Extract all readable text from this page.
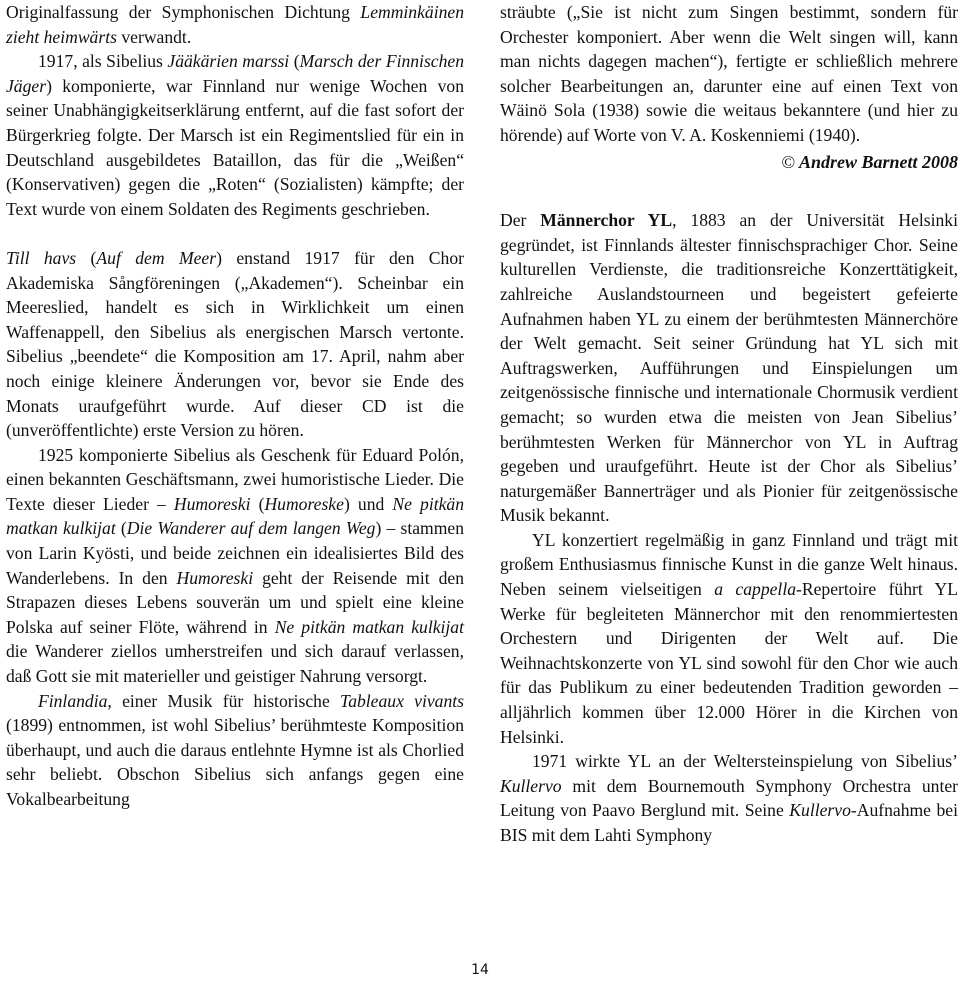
Originalfassung der Symphonischen Dichtung Lemminkäinen zieht heimwärts verwandt.

1917, als Sibelius Jääkärien marssi (Marsch der Finnischen Jäger) komponierte, war Finnland nur wenige Wochen von seiner Unabhängigkeitserklärung entfernt, auf die fast sofort der Bürgerkrieg folgte. Der Marsch ist ein Regimentslied für ein in Deutschland ausgebildetes Bataillon, das für die „Weißen“ (Konservativen) gegen die „Roten“ (Sozialisten) kämpfte; der Text wurde von einem Soldaten des Regiments geschrieben.

Till havs (Auf dem Meer) enstand 1917 für den Chor Akademiska Sångföreningen („Akademen“). Scheinbar ein Meereslied, handelt es sich in Wirklichkeit um einen Waffenappell, den Sibelius als energischen Marsch vertonte. Sibelius „beendete“ die Komposition am 17. April, nahm aber noch einige kleinere Änderungen vor, bevor sie Ende des Monats uraufgeführt wurde. Auf dieser CD ist die (unveröffentlichte) erste Version zu hören.

1925 komponierte Sibelius als Geschenk für Eduard Polón, einen bekannten Geschäftsmann, zwei humoristische Lieder. Die Texte dieser Lieder – Humoreski (Humoreske) und Ne pitkän matkan kulkijat (Die Wanderer auf dem langen Weg) – stammen von Larin Kyösti, und beide zeichnen ein idealisiertes Bild des Wanderlebens. In den Humoreski geht der Reisende mit den Strapazen dieses Lebens souverän um und spielt eine kleine Polska auf seiner Flöte, während in Ne pitkän matkan kulkijat die Wanderer ziellos umherstreifen und sich darauf verlassen, daß Gott sie mit materieller und geistiger Nahrung versorgt.

Finlandia, einer Musik für historische Tableaux vivants (1899) entnommen, ist wohl Sibelius’ berühmteste Komposition überhaupt, und auch die daraus entlehnte Hymne ist als Chorlied sehr beliebt. Obschon Sibelius sich anfangs gegen eine Vokalbearbeitung

sträubte („Sie ist nicht zum Singen bestimmt, sondern für Orchester komponiert. Aber wenn die Welt singen will, kann man nichts dagegen machen“), fertigte er schließlich mehrere solcher Bearbeitungen an, darunter eine auf einen Text von Wäinö Sola (1938) sowie die weitaus bekanntere (und hier zu hörende) auf Worte von V. A. Koskenniemi (1940).

© Andrew Barnett 2008

Der Männerchor YL, 1883 an der Universität Helsinki gegründet, ist Finnlands ältester finnischsprachiger Chor. Seine kulturellen Verdienste, die traditionsreiche Konzerttätigkeit, zahlreiche Auslandstourneen und begeistert gefeierte Aufnahmen haben YL zu einem der berühmtesten Männerchöre der Welt gemacht. Seit seiner Gründung hat YL sich mit Auftragswerken, Aufführungen und Einspielungen um zeitgenössische finnische und internationale Chormusik verdient gemacht; so wurden etwa die meisten von Jean Sibelius’ berühmtesten Werken für Männerchor von YL in Auftrag gegeben und uraufgeführt. Heute ist der Chor als Sibelius’ naturgemäßer Bannerträger und als Pionier für zeitgenössische Musik bekannt.

YL konzertiert regelmäßig in ganz Finnland und trägt mit großem Enthusiasmus finnische Kunst in die ganze Welt hinaus. Neben seinem vielseitigen a cappella-Repertoire führt YL Werke für begleiteten Männerchor mit den renommiertesten Orchestern und Dirigenten der Welt auf. Die Weihnachtskonzerte von YL sind sowohl für den Chor wie auch für das Publikum zu einer bedeutenden Tradition geworden – alljährlich kommen über 12.000 Hörer in die Kirchen von Helsinki.

1971 wirkte YL an der Weltersteinspielung von Sibelius’ Kullervo mit dem Bournemouth Symphony Orchestra unter Leitung von Paavo Berglund mit. Seine Kullervo-Aufnahme bei BIS mit dem Lahti Symphony

14
